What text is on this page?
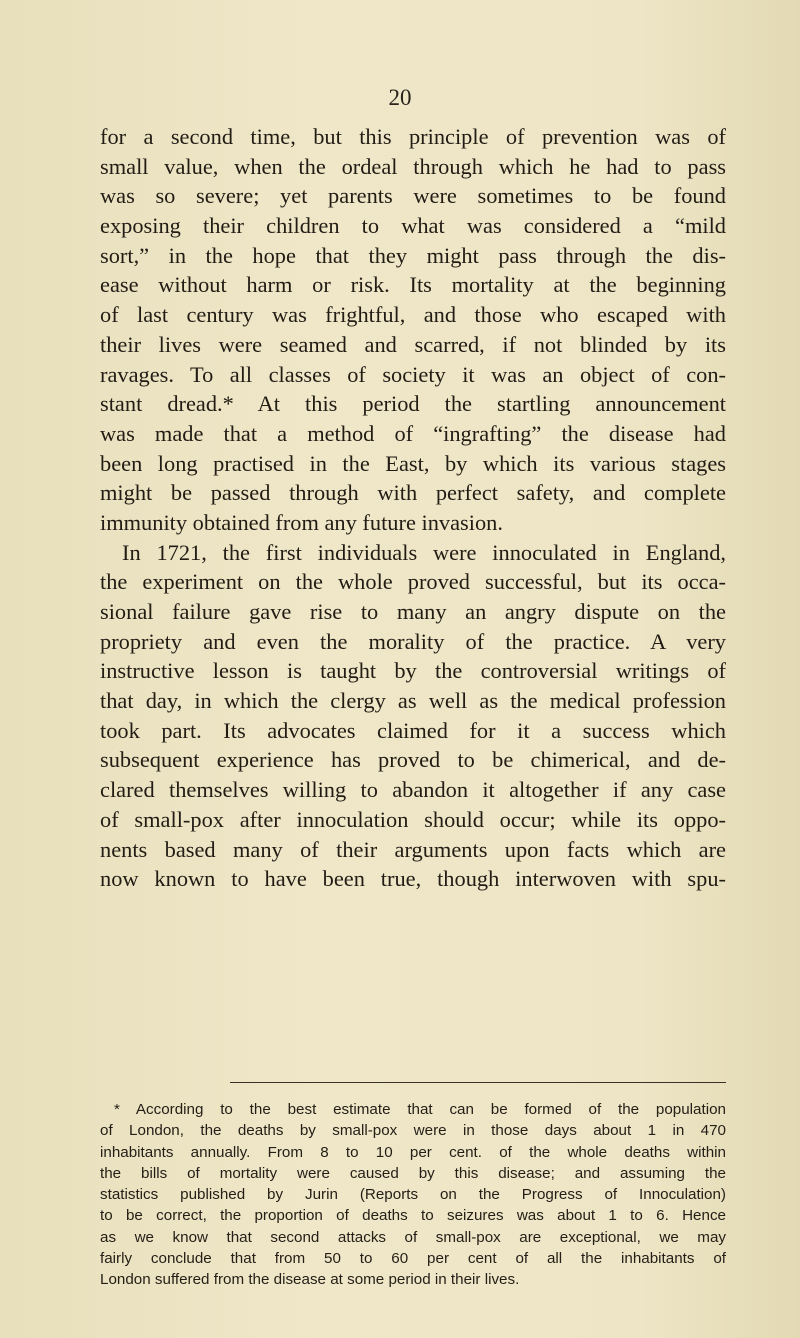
20
for a second time, but this principle of prevention was of
small value, when the ordeal through which he had to pass
was so severe; yet parents were sometimes to be found
exposing their children to what was considered a “mild
sort,” in the hope that they might pass through the dis-
ease without harm or risk. Its mortality at the beginning
of last century was frightful, and those who escaped with
their lives were seamed and scarred, if not blinded by its
ravages. To all classes of society it was an object of con-
stant dread.* At this period the startling announcement
was made that a method of “ingrafting” the disease had
been long practised in the East, by which its various stages
might be passed through with perfect safety, and complete
immunity obtained from any future invasion.
In 1721, the first individuals were innoculated in England,
the experiment on the whole proved successful, but its occa-
sional failure gave rise to many an angry dispute on the
propriety and even the morality of the practice. A very
instructive lesson is taught by the controversial writings of
that day, in which the clergy as well as the medical profession
took part. Its advocates claimed for it a success which
subsequent experience has proved to be chimerical, and de-
clared themselves willing to abandon it altogether if any case
of small-pox after innoculation should occur; while its oppo-
nents based many of their arguments upon facts which are
now known to have been true, though interwoven with spu-
* According to the best estimate that can be formed of the population
of London, the deaths by small-pox were in those days about 1 in 470
inhabitants annually. From 8 to 10 per cent. of the whole deaths within
the bills of mortality were caused by this disease; and assuming the
statistics published by Jurin (Reports on the Progress of Innoculation)
to be correct, the proportion of deaths to seizures was about 1 to 6. Hence
as we know that second attacks of small-pox are exceptional, we may
fairly conclude that from 50 to 60 per cent of all the inhabitants of
London suffered from the disease at some period in their lives.
